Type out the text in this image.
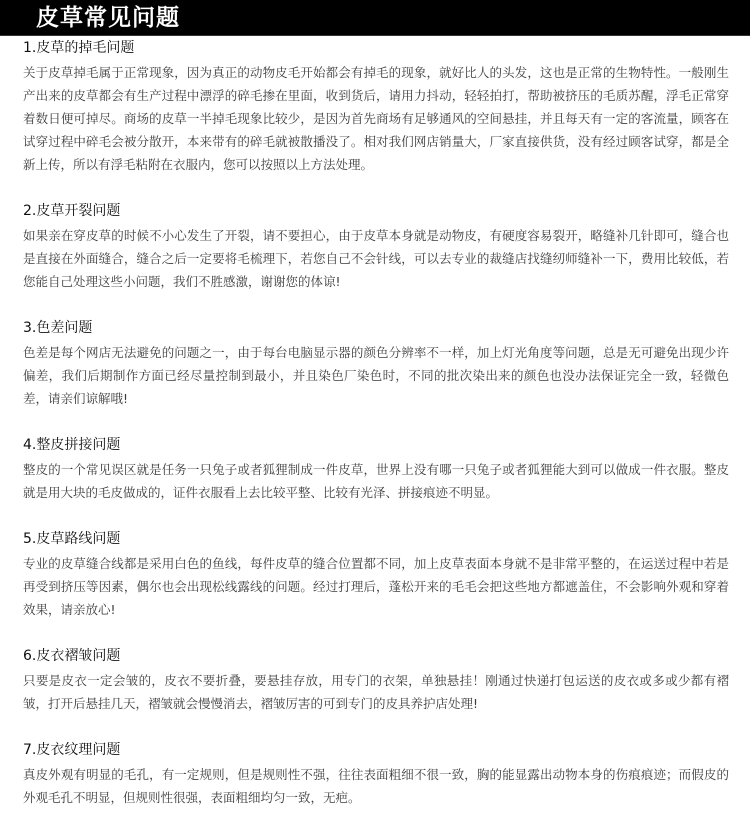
皮草常见问题
1.皮草的掉毛问题
关于皮草掉毛属于正常现象，因为真正的动物皮毛开始都会有掉毛的现象，就好比人的头发，这也是正常的生物特性。一般刚生产出来的皮草都会有生产过程中漂浮的碎毛掺在里面，收到货后，请用力抖动，轻轻拍打，帮助被挤压的毛质苏醒，浮毛正常穿着数日便可掉尽。商场的皮草一半掉毛现象比较少，是因为首先商场有足够通风的空间悬挂，并且每天有一定的客流量，顾客在试穿过程中碎毛会被分散开，本来带有的碎毛就被散播没了。相对我们网店销量大，厂家直接供货，没有经过顾客试穿，都是全新上传，所以有浮毛粘附在衣服内，您可以按照以上方法处理。
2.皮草开裂问题
如果亲在穿皮草的时候不小心发生了开裂，请不要担心，由于皮草本身就是动物皮，有硬度容易裂开，略缝补几针即可，缝合也是直接在外面缝合，缝合之后一定要将毛梳理下，若您自己不会针线，可以去专业的裁缝店找缝纫师缝补一下，费用比较低，若您能自己处理这些小问题，我们不胜感激，谢谢您的体谅!
3.色差问题
色差是每个网店无法避免的问题之一，由于每台电脑显示器的颜色分辨率不一样，加上灯光角度等问题，总是无可避免出现少许偏差，我们后期制作方面已经尽量控制到最小，并且染色厂染色时，不同的批次染出来的颜色也没办法保证完全一致，轻微色差，请亲们谅解哦!
4.整皮拼接问题
整皮的一个常见误区就是任务一只兔子或者狐狸制成一件皮草，世界上没有哪一只兔子或者狐狸能大到可以做成一件衣服。整皮就是用大块的毛皮做成的，证件衣服看上去比较平整、比较有光泽、拼接痕迹不明显。
5.皮草路线问题
专业的皮草缝合线都是采用白色的鱼线，每件皮草的缝合位置都不同，加上皮草表面本身就不是非常平整的，在运送过程中若是再受到挤压等因素，偶尔也会出现松线露线的问题。经过打理后，蓬松开来的毛毛会把这些地方都遮盖住，不会影响外观和穿着效果，请亲放心!
6.皮衣褶皱问题
只要是皮衣一定会皱的，皮衣不要折叠，要悬挂存放，用专门的衣架，单独悬挂！刚通过快递打包运送的皮衣或多或少都有褶皱，打开后悬挂几天，褶皱就会慢慢消去，褶皱厉害的可到专门的皮具养护店处理!
7.皮衣纹理问题
真皮外观有明显的毛孔，有一定规则，但是规则性不强，往往表面粗细不很一致，胸的能显露出动物本身的伤痕痕迹；而假皮的外观毛孔不明显，但规则性很强，表面粗细均匀一致，无疤。
